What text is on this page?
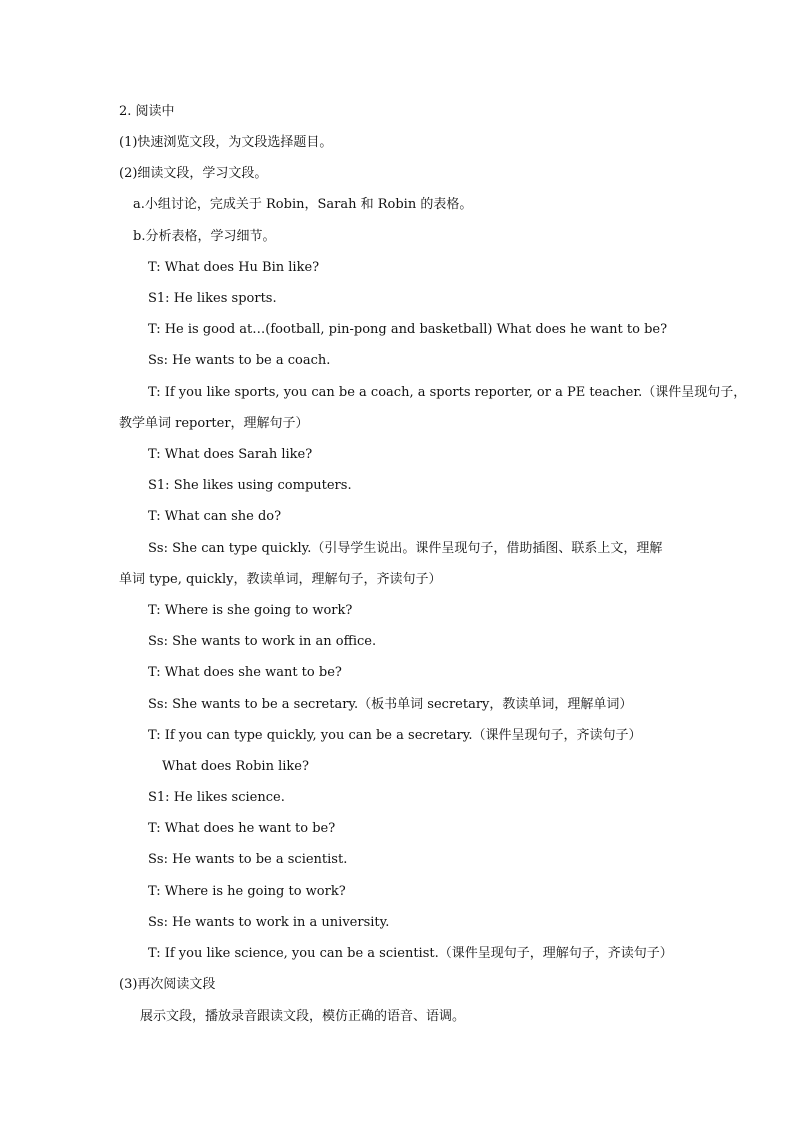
2. 阅读中
(1)快速浏览文段，为文段选择题目。
(2)细读文段，学习文段。
a.小组讨论，完成关于 Robin，Sarah 和 Robin 的表格。
b.分析表格，学习细节。
T: What does Hu Bin like?
S1: He likes sports.
T: He is good at…(football, pin-pong and basketball) What does he want to be?
Ss: He wants to be a coach.
T: If you like sports, you can be a coach, a sports reporter, or a PE teacher.（课件呈现句子，
教学单词 reporter，理解句子）
T: What does Sarah like?
S1: She likes using computers.
T: What can she do?
Ss: She can type quickly.（引导学生说出。课件呈现句子，借助插图、联系上文，理解
单词 type, quickly，教读单词，理解句子，齐读句子）
T: Where is she going to work?
Ss: She wants to work in an office.
T: What does she want to be?
Ss: She wants to be a secretary.（板书单词 secretary，教读单词，理解单词）
T: If you can type quickly, you can be a secretary.（课件呈现句子，齐读句子）
What does Robin like?
S1: He likes science.
T: What does he want to be?
Ss: He wants to be a scientist.
T: Where is he going to work?
Ss: He wants to work in a university.
T: If you like science, you can be a scientist.（课件呈现句子，理解句子，齐读句子）
(3)再次阅读文段
展示文段，播放录音跟读文段，模仿正确的语音、语调。
